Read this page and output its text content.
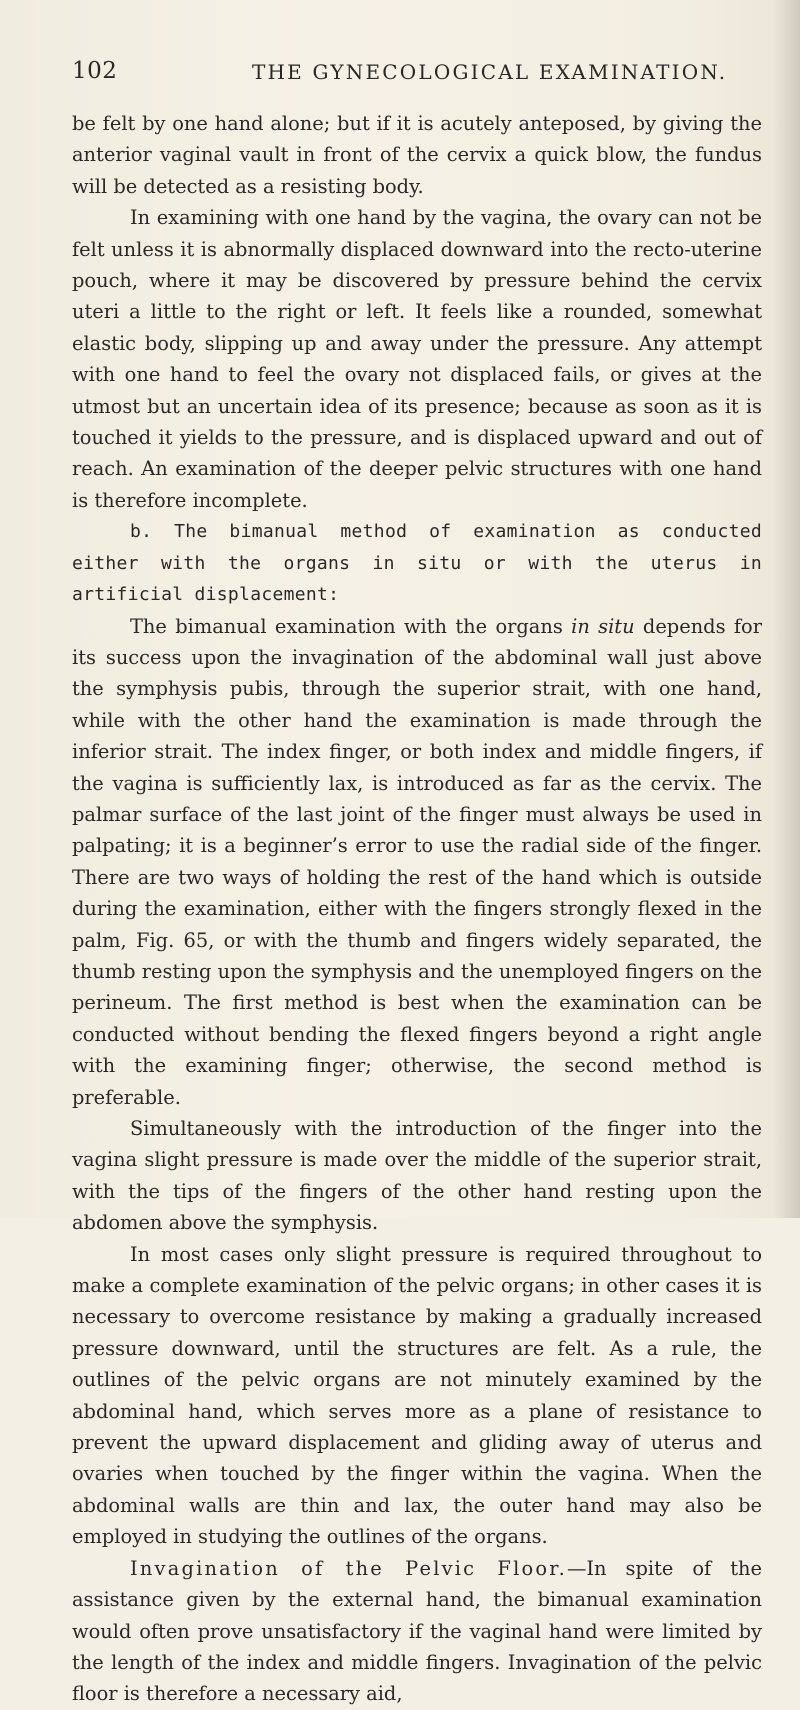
102	THE GYNECOLOGICAL EXAMINATION.

be felt by one hand alone; but if it is acutely anteposed, by giving the anterior vaginal vault in front of the cervix a quick blow, the fundus will be detected as a resisting body.

In examining with one hand by the vagina, the ovary can not be felt unless it is abnormally displaced downward into the recto-uterine pouch, where it may be discovered by pressure behind the cervix uteri a little to the right or left. It feels like a rounded, somewhat elastic body, slipping up and away under the pressure. Any attempt with one hand to feel the ovary not displaced fails, or gives at the utmost but an uncertain idea of its presence; because as soon as it is touched it yields to the pressure, and is displaced upward and out of reach. An examination of the deeper pelvic structures with one hand is therefore incomplete.

b. The bimanual method of examination as conducted either with the organs in situ or with the uterus in artificial displacement:

The bimanual examination with the organs in situ depends for its success upon the invagination of the abdominal wall just above the symphysis pubis, through the superior strait, with one hand, while with the other hand the examination is made through the inferior strait. The index finger, or both index and middle fingers, if the vagina is sufficiently lax, is introduced as far as the cervix. The palmar surface of the last joint of the finger must always be used in palpating; it is a beginner’s error to use the radial side of the finger. There are two ways of holding the rest of the hand which is outside during the examination, either with the fingers strongly flexed in the palm, Fig. 65, or with the thumb and fingers widely separated, the thumb resting upon the symphysis and the unemployed fingers on the perineum. The first method is best when the examination can be conducted without bending the flexed fingers beyond a right angle with the examining finger; otherwise, the second method is preferable.

Simultaneously with the introduction of the finger into the vagina slight pressure is made over the middle of the superior strait, with the tips of the fingers of the other hand resting upon the abdomen above the symphysis.

In most cases only slight pressure is required throughout to make a complete examination of the pelvic organs; in other cases it is necessary to overcome resistance by making a gradually increased pressure downward, until the structures are felt. As a rule, the outlines of the pelvic organs are not minutely examined by the abdominal hand, which serves more as a plane of resistance to prevent the upward displacement and gliding away of uterus and ovaries when touched by the finger within the vagina. When the abdominal walls are thin and lax, the outer hand may also be employed in studying the outlines of the organs.

Invagination of the Pelvic Floor.—In spite of the assistance given by the external hand, the bimanual examination would often prove unsatisfactory if the vaginal hand were limited by the length of the index and middle fingers. Invagination of the pelvic floor is therefore a necessary aid,
